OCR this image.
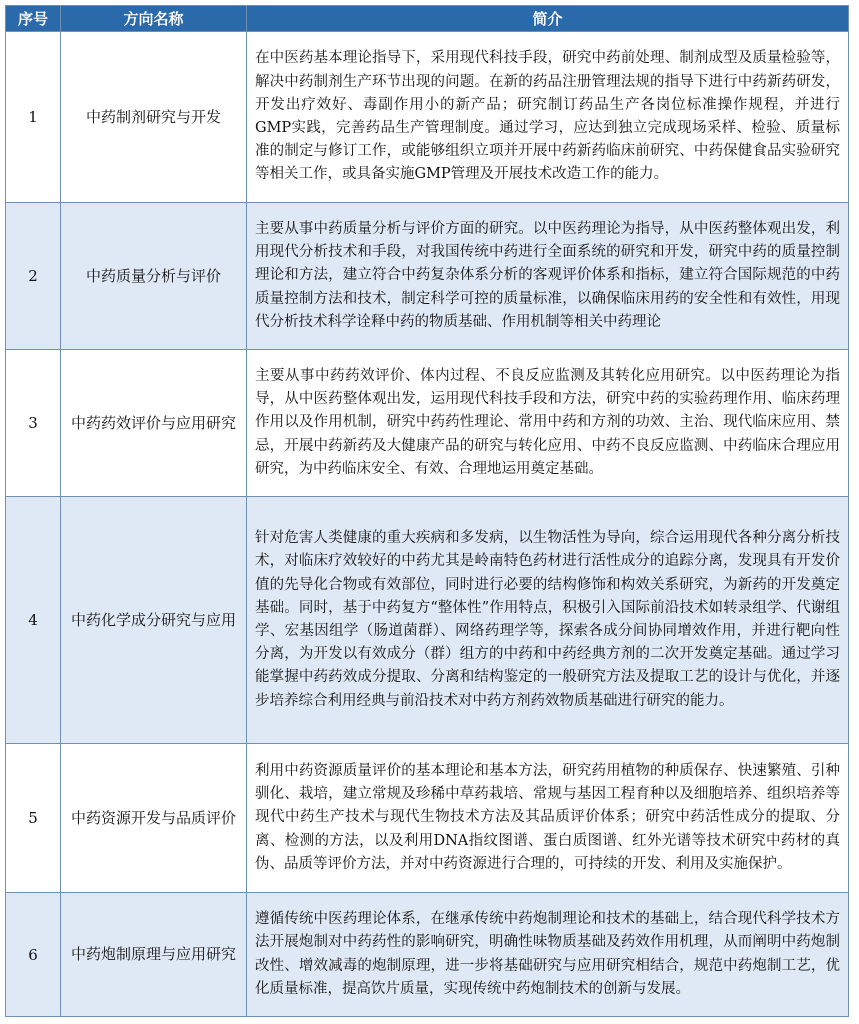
序号	方向名称	简介
1	中药制剂研究与开发	在中医药基本理论指导下，采用现代科技手段，研究中药前处理、制剂成型及质量检验等，解决中药制剂生产环节出现的问题。在新的药品注册管理法规的指导下进行中药新药研发，开发出疗效好、毒副作用小的新产品；研究制订药品生产各岗位标准操作规程，并进行GMP实践，完善药品生产管理制度。通过学习，应达到独立完成现场采样、检验、质量标准的制定与修订工作，或能够组织立项并开展中药新药临床前研究、中药保健食品实验研究等相关工作，或具备实施GMP管理及开展技术改造工作的能力。
2	中药质量分析与评价	主要从事中药质量分析与评价方面的研究。以中医药理论为指导，从中医药整体观出发，利用现代分析技术和手段，对我国传统中药进行全面系统的研究和开发，研究中药的质量控制理论和方法，建立符合中药复杂体系分析的客观评价体系和指标，建立符合国际规范的中药质量控制方法和技术，制定科学可控的质量标准，以确保临床用药的安全性和有效性，用现代分析技术科学诠释中药的物质基础、作用机制等相关中药理论
3	中药药效评价与应用研究	主要从事中药药效评价、体内过程、不良反应监测及其转化应用研究。以中医药理论为指导，从中医药整体观出发，运用现代科技手段和方法，研究中药的实验药理作用、临床药理作用以及作用机制，研究中药药性理论、常用中药和方剂的功效、主治、现代临床应用、禁忌，开展中药新药及大健康产品的研究与转化应用、中药不良反应监测、中药临床合理应用研究，为中药临床安全、有效、合理地运用奠定基础。
4	中药化学成分研究与应用	针对危害人类健康的重大疾病和多发病，以生物活性为导向，综合运用现代各种分离分析技术，对临床疗效较好的中药尤其是岭南特色药材进行活性成分的追踪分离，发现具有开发价值的先导化合物或有效部位，同时进行必要的结构修饰和构效关系研究，为新药的开发奠定基础。同时，基于中药复方“整体性”作用特点，积极引入国际前沿技术如转录组学、代谢组学、宏基因组学（肠道菌群）、网络药理学等，探索各成分间协同增效作用，并进行靶向性分离，为开发以有效成分（群）组方的中药和中药经典方剂的二次开发奠定基础。通过学习能掌握中药药效成分提取、分离和结构鉴定的一般研究方法及提取工艺的设计与优化，并逐步培养综合利用经典与前沿技术对中药方剂药效物质基础进行研究的能力。
5	中药资源开发与品质评价	利用中药资源质量评价的基本理论和基本方法，研究药用植物的种质保存、快速繁殖、引种驯化、栽培，建立常规及珍稀中草药栽培、常规与基因工程育种以及细胞培养、组织培养等现代中药生产技术与现代生物技术方法及其品质评价体系；研究中药活性成分的提取、分离、检测的方法，以及利用DNA指纹图谱、蛋白质图谱、红外光谱等技术研究中药材的真伪、品质等评价方法，并对中药资源进行合理的，可持续的开发、利用及实施保护。
6	中药炮制原理与应用研究	遵循传统中医药理论体系，在继承传统中药炮制理论和技术的基础上，结合现代科学技术方法开展炮制对中药药性的影响研究，明确性味物质基础及药效作用机理，从而阐明中药炮制改性、增效减毒的炮制原理，进一步将基础研究与应用研究相结合，规范中药炮制工艺，优化质量标准，提高饮片质量，实现传统中药炮制技术的创新与发展。
